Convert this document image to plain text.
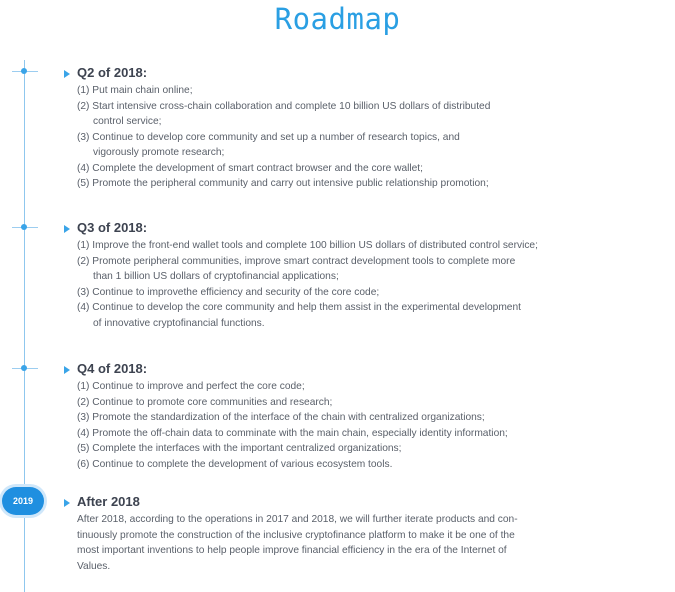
Roadmap
2019
Q2 of 2018:
(1) Put main chain online;
(2) Start intensive cross-chain collaboration and complete 10 billion US dollars of distributed
control service;
(3) Continue to develop core community and set up a number of research topics, and
vigorously promote research;
(4) Complete the development of smart contract browser and the core wallet;
(5) Promote the peripheral community and carry out intensive public relationship promotion;
Q3 of 2018:
(1) Improve the front-end wallet tools and complete 100 billion US dollars of distributed control service;
(2) Promote peripheral communities, improve smart contract development tools to complete more
than 1 billion US dollars of cryptofinancial applications;
(3) Continue to improvethe efficiency and security of the core code;
(4) Continue to develop the core community and help them assist in the experimental development
of innovative cryptofinancial functions.
Q4 of 2018:
(1) Continue to improve and perfect the core code;
(2) Continue to promote core communities and research;
(3) Promote the standardization of the interface of the chain with centralized organizations;
(4) Promote the off-chain data to comminate with the main chain, especially identity information;
(5) Complete the interfaces with the important centralized organizations;
(6) Continue to complete the development of various ecosystem tools.
After 2018

After 2018, according to the operations in 2017 and 2018, we will further iterate products and con-
tinuously promote the construction of the inclusive cryptofinance platform to make it be one of the
most important inventions to help people improve financial efficiency in the era of the Internet of
Values.
